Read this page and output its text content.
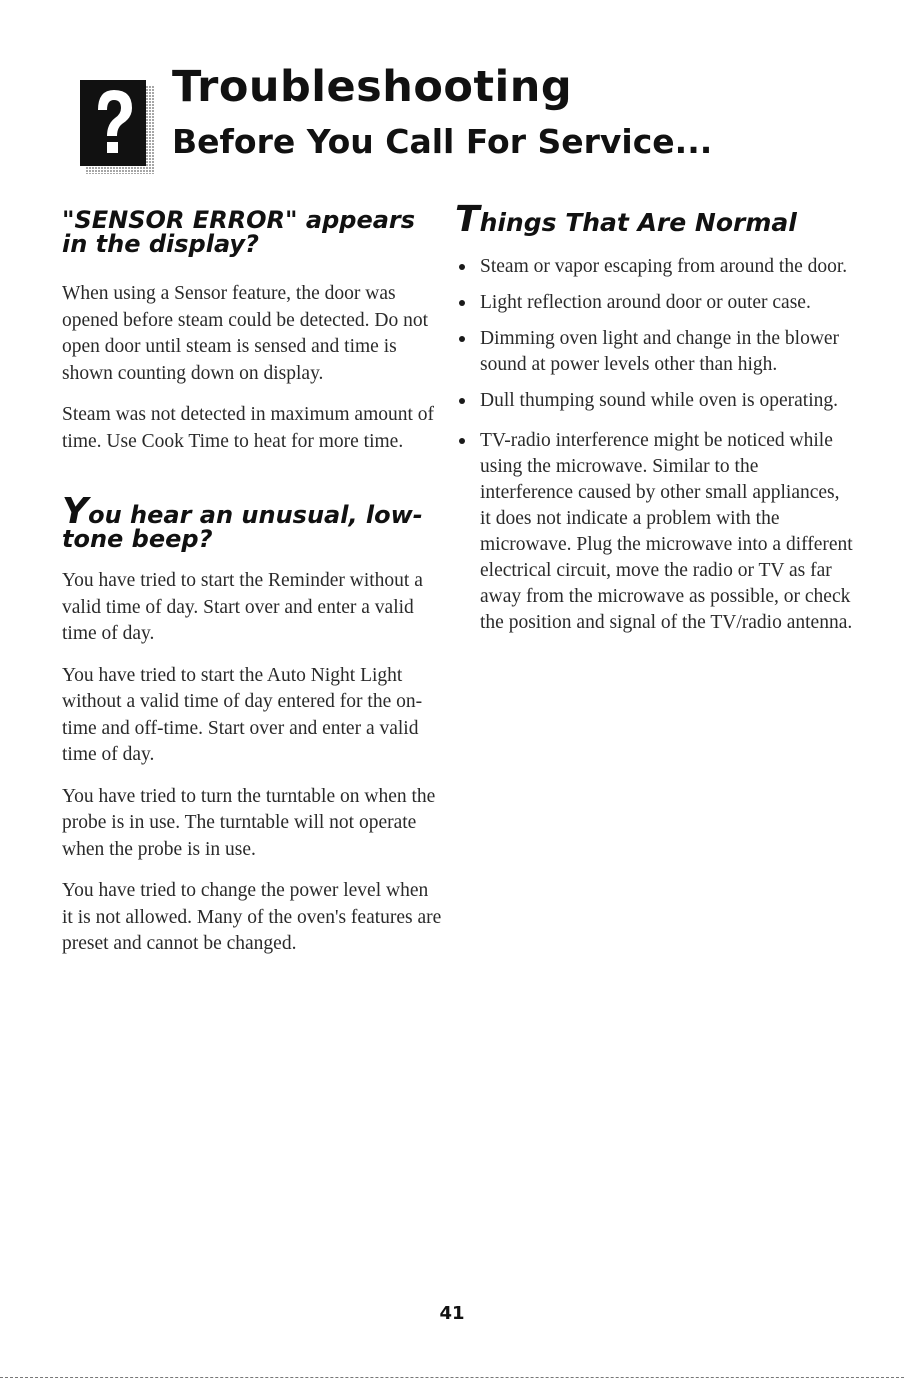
Troubleshooting
Before You Call For Service...
"SENSOR ERROR" appears in the display?

When using a Sensor feature, the door was opened before steam could be detected. Do not open door until steam is sensed and time is shown counting down on display.

Steam was not detected in maximum amount of time. Use Cook Time to heat for more time.

You hear an unusual, low-tone beep?

You have tried to start the Reminder without a valid time of day. Start over and enter a valid time of day.

You have tried to start the Auto Night Light without a valid time of day entered for the on-time and off-time. Start over and enter a valid time of day.

You have tried to turn the turntable on when the probe is in use. The turntable will not operate when the probe is in use.

You have tried to change the power level when it is not allowed. Many of the oven's features are preset and cannot be changed.

Things That Are Normal
Steam or vapor escaping from around the door.
Light reflection around door or outer case.
Dimming oven light and change in the blower sound at power levels other than high.
Dull thumping sound while oven is operating.
TV-radio interference might be noticed while using the microwave. Similar to the interference caused by other small appliances, it does not indicate a problem with the microwave. Plug the microwave into a different electrical circuit, move the radio or TV as far away from the microwave as possible, or check the position and signal of the TV/radio antenna.
41
